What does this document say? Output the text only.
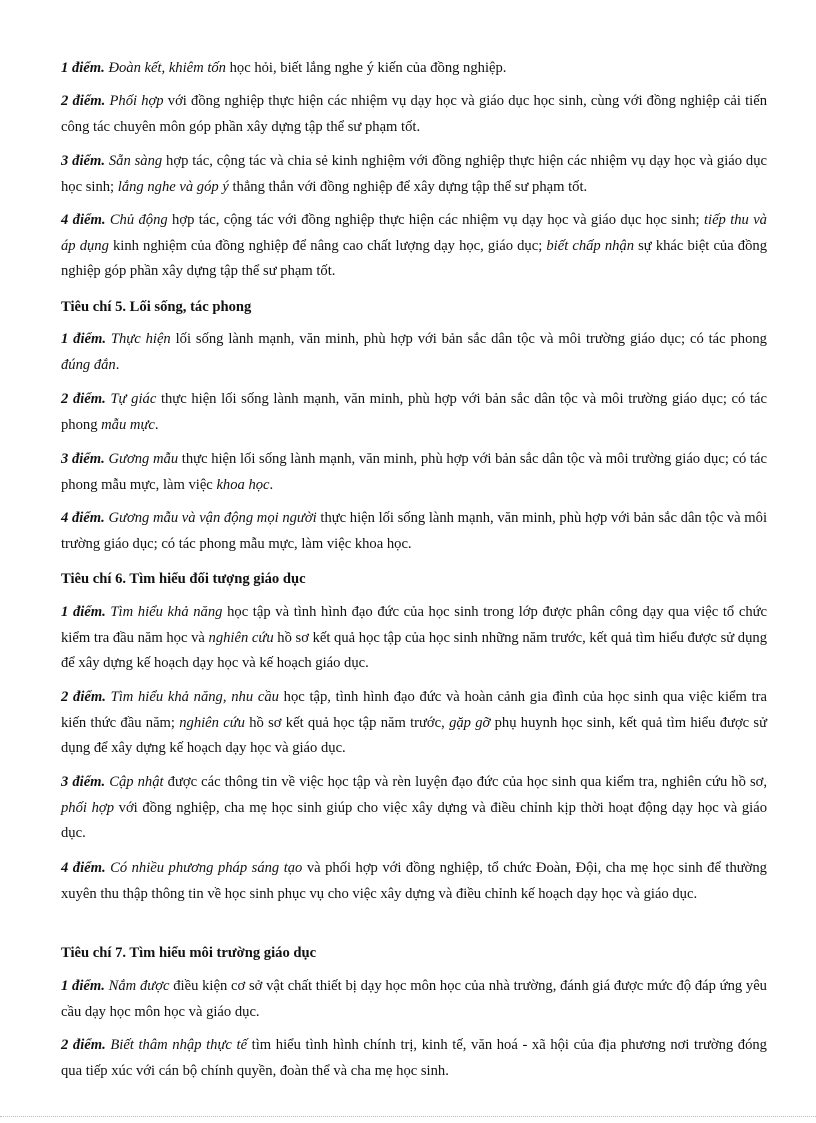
1 điểm. Đoàn kết, khiêm tốn học hỏi, biết lắng nghe ý kiến của đồng nghiệp.
2 điểm. Phối hợp với đồng nghiệp thực hiện các nhiệm vụ dạy học và giáo dục học sinh, cùng với đồng nghiệp cải tiến công tác chuyên môn góp phần xây dựng tập thể sư phạm tốt.
3 điểm. Sẵn sàng hợp tác, cộng tác và chia sẻ kinh nghiệm với đồng nghiệp thực hiện các nhiệm vụ dạy học và giáo dục học sinh; lắng nghe và góp ý thẳng thắn với đồng nghiệp để xây dựng tập thể sư phạm tốt.
4 điểm. Chủ động hợp tác, cộng tác với đồng nghiệp thực hiện các nhiệm vụ dạy học và giáo dục học sinh; tiếp thu và áp dụng kinh nghiệm của đồng nghiệp để nâng cao chất lượng dạy học, giáo dục; biết chấp nhận sự khác biệt của đồng nghiệp góp phần xây dựng tập thể sư phạm tốt.
Tiêu chí 5. Lối sống, tác phong
1 điểm. Thực hiện lối sống lành mạnh, văn minh, phù hợp với bản sắc dân tộc và môi trường giáo dục; có tác phong đúng đắn.
2 điểm. Tự giác thực hiện lối sống lành mạnh, văn minh, phù hợp với bản sắc dân tộc và môi trường giáo dục; có tác phong mẫu mực.
3 điểm. Gương mẫu thực hiện lối sống lành mạnh, văn minh, phù hợp với bản sắc dân tộc và môi trường giáo dục; có tác phong mẫu mực, làm việc khoa học.
4 điểm. Gương mẫu và vận động mọi người thực hiện lối sống lành mạnh, văn minh, phù hợp với bản sắc dân tộc và môi trường giáo dục; có tác phong mẫu mực, làm việc khoa học.
Tiêu chí 6. Tìm hiểu đối tượng giáo dục
1 điểm. Tìm hiểu khả năng học tập và tình hình đạo đức của học sinh trong lớp được phân công dạy qua việc tổ chức kiểm tra đầu năm học và nghiên cứu hồ sơ kết quả học tập của học sinh những năm trước, kết quả tìm hiểu được sử dụng để xây dựng kế hoạch dạy học và kế hoạch giáo dục.
2 điểm. Tìm hiểu khả năng, nhu cầu học tập, tình hình đạo đức và hoàn cảnh gia đình của học sinh qua việc kiểm tra kiến thức đầu năm; nghiên cứu hồ sơ kết quả học tập năm trước, gặp gỡ phụ huynh học sinh, kết quả tìm hiểu được sử dụng để xây dựng kế hoạch dạy học và giáo dục.
3 điểm. Cập nhật được các thông tin về việc học tập và rèn luyện đạo đức của học sinh qua kiểm tra, nghiên cứu hồ sơ, phối hợp với đồng nghiệp, cha mẹ học sinh giúp cho việc xây dựng và điều chỉnh kịp thời hoạt động dạy học và giáo dục.
4 điểm. Có nhiều phương pháp sáng tạo và phối hợp với đồng nghiệp, tổ chức Đoàn, Đội, cha mẹ học sinh để thường xuyên thu thập thông tin về học sinh phục vụ cho việc xây dựng và điều chỉnh kế hoạch dạy học và giáo dục.
Tiêu chí 7. Tìm hiểu môi trường giáo dục
1 điểm. Nắm được điều kiện cơ sở vật chất thiết bị dạy học môn học của nhà trường, đánh giá được mức độ đáp ứng yêu cầu dạy học môn học và giáo dục.
2 điểm. Biết thâm nhập thực tế tìm hiểu tình hình chính trị, kinh tế, văn hoá - xã hội của địa phương nơi trường đóng qua tiếp xúc với cán bộ chính quyền, đoàn thể và cha mẹ học sinh.
